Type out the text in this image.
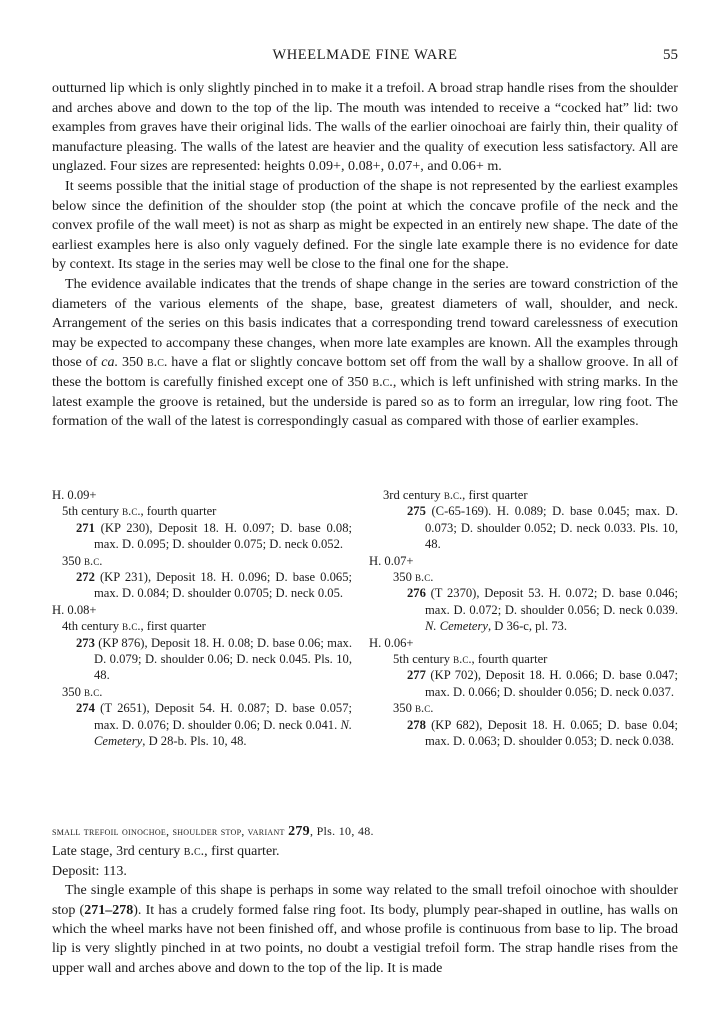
WHEELMADE FINE WARE	55

outturned lip which is only slightly pinched in to make it a trefoil. A broad strap handle rises from the shoulder and arches above and down to the top of the lip. The mouth was intended to receive a “cocked hat” lid: two examples from graves have their original lids. The walls of the earlier oinochoai are fairly thin, their quality of manufacture pleasing. The walls of the latest are heavier and the quality of execution less satisfactory. All are unglazed. Four sizes are represented: heights 0.09+, 0.08+, 0.07+, and 0.06+ m.

It seems possible that the initial stage of production of the shape is not represented by the earliest examples below since the definition of the shoulder stop (the point at which the concave profile of the neck and the convex profile of the wall meet) is not as sharp as might be expected in an entirely new shape. The date of the earliest examples here is also only vaguely defined. For the single late example there is no evidence for date by context. Its stage in the series may well be close to the final one for the shape.

The evidence available indicates that the trends of shape change in the series are toward constriction of the diameters of the various elements of the shape, base, greatest diameters of wall, shoulder, and neck. Arrangement of the series on this basis indicates that a corresponding trend toward carelessness of execution may be expected to accompany these changes, when more late examples are known. All the examples through those of ca. 350 b.c. have a flat or slightly concave bottom set off from the wall by a shallow groove. In all of these the bottom is carefully finished except one of 350 b.c., which is left unfinished with string marks. In the latest example the groove is retained, but the underside is pared so as to form an irregular, low ring foot. The formation of the wall of the latest is correspondingly casual as compared with those of earlier examples.

H. 0.09+

5th century b.c., fourth quarter

271 (KP 230), Deposit 18. H. 0.097; D. base 0.08; max. D. 0.095; D. shoulder 0.075; D. neck 0.052.

350 b.c.

272 (KP 231), Deposit 18. H. 0.096; D. base 0.065; max. D. 0.084; D. shoulder 0.0705; D. neck 0.05.

H. 0.08+

4th century b.c., first quarter

273 (KP 876), Deposit 18. H. 0.08; D. base 0.06; max. D. 0.079; D. shoulder 0.06; D. neck 0.045. Pls. 10, 48.

350 b.c.

274 (T 2651), Deposit 54. H. 0.087; D. base 0.057; max. D. 0.076; D. shoulder 0.06; D. neck 0.041. N. Cemetery, D 28-b. Pls. 10, 48.

3rd century b.c., first quarter

275 (C-65-169). H. 0.089; D. base 0.045; max. D. 0.073; D. shoulder 0.052; D. neck 0.033. Pls. 10, 48.

H. 0.07+

350 b.c.

276 (T 2370), Deposit 53. H. 0.072; D. base 0.046; max. D. 0.072; D. shoulder 0.056; D. neck 0.039. N. Cemetery, D 36-c, pl. 73.

H. 0.06+

5th century b.c., fourth quarter

277 (KP 702), Deposit 18. H. 0.066; D. base 0.047; max. D. 0.066; D. shoulder 0.056; D. neck 0.037.

350 b.c.

278 (KP 682), Deposit 18. H. 0.065; D. base 0.04; max. D. 0.063; D. shoulder 0.053; D. neck 0.038.

small trefoil oinochoe, shoulder stop, variant 279, Pls. 10, 48.

Late stage, 3rd century b.c., first quarter.

Deposit: 113.

The single example of this shape is perhaps in some way related to the small trefoil oinochoe with shoulder stop (271–278). It has a crudely formed false ring foot. Its body, plumply pear-shaped in outline, has walls on which the wheel marks have not been finished off, and whose profile is continuous from base to lip. The broad lip is very slightly pinched in at two points, no doubt a vestigial trefoil form. The strap handle rises from the upper wall and arches above and down to the top of the lip. It is made
